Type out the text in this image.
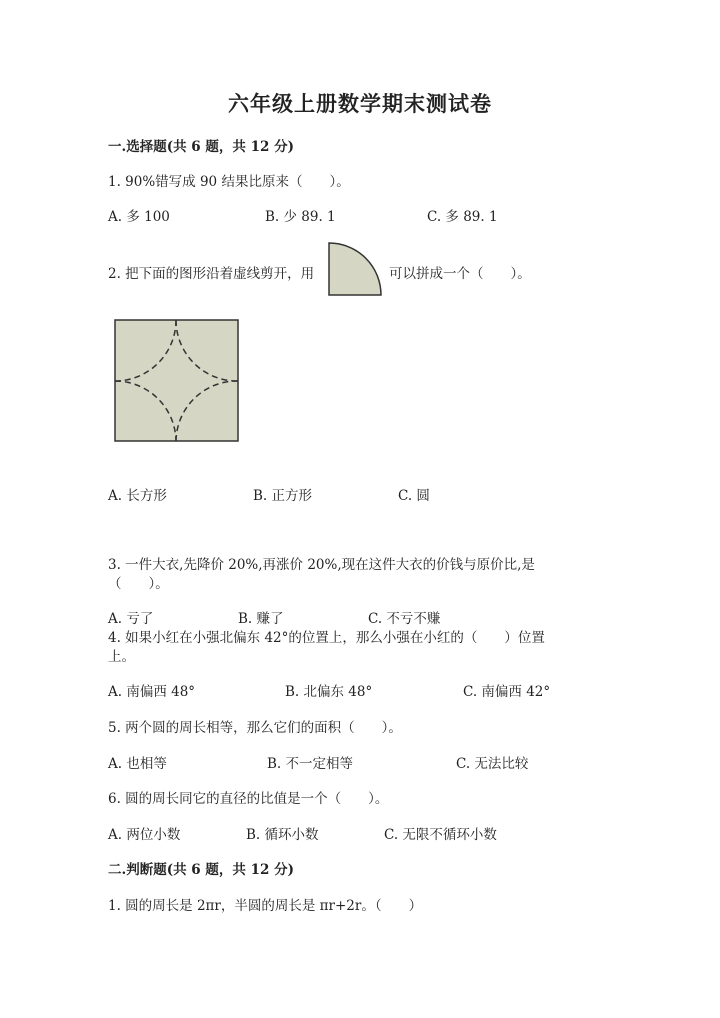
六年级上册数学期末测试卷
一.选择题(共 6 题，共 12 分)
1. 90%错写成 90 结果比原来（　　）。
A. 多 100	B. 少 89. 1	C. 多 89. 1
2. 把下面的图形沿着虚线剪开，用	可以拼成一个（　　）。
A. 长方形	B. 正方形	C. 圆
3. 一件大衣,先降价 20%,再涨价 20%,现在这件大衣的价钱与原价比,是
（　　）。
A. 亏了	B. 赚了	C. 不亏不赚
4. 如果小红在小强北偏东 42°的位置上，那么小强在小红的（　　）位置
上。
A. 南偏西 48°	B. 北偏东 48°	C. 南偏西 42°
5. 两个圆的周长相等，那么它们的面积（　　）。
A. 也相等	B. 不一定相等	C. 无法比较
6. 圆的周长同它的直径的比值是一个（　　）。
A. 两位小数	B. 循环小数	C. 无限不循环小数
二.判断题(共 6 题，共 12 分)
1. 圆的周长是 2πr，半圆的周长是 πr+2r。（　　）
